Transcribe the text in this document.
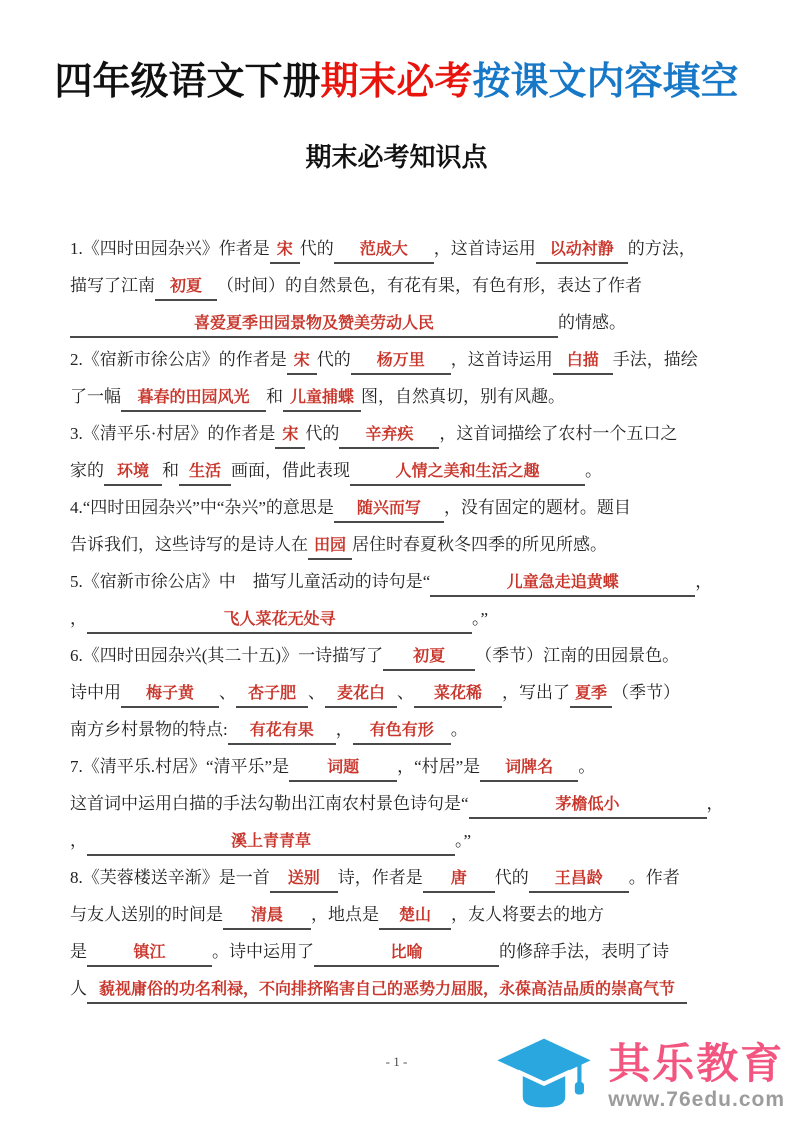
四年级语文下册期末必考按课文内容填空
期末必考知识点

1.《四时田园杂兴》作者是 宋 代的 范成大 ，这首诗运用 以动衬静 的方法，
描写了江南 初夏 （时间）的自然景色，有花有果，有色有形，表达了作者
喜爱夏季田园景物及赞美劳动人民	的情感。

2.《宿新市徐公店》的作者是 宋 代的 杨万里 ，这首诗运用 白描 手法，描绘
了一幅 暮春的田园风光 和 儿童捕蝶 图，自然真切，别有风趣。

3.《清平乐·村居》的作者是 宋 代的 辛弃疾 ，这首词描绘了农村一个五口之
家的 环境 和 生活 画面，借此表现	人情之美和生活之趣	。

4.“四时田园杂兴”中“杂兴”的意思是 随兴而写 ，没有固定的题材。题目
告诉我们，这些诗写的是诗人在 田园 居住时春夏秋冬四季的所见所感。

5.《宿新市徐公店》中　描写儿童活动的诗句是“	儿童急走追黄蝶	，
，	飞人菜花无处寻	。”

6.《四时田园杂兴(其二十五)》一诗描写了 初夏 （季节）江南的田园景色。
诗中用 梅子黄 、 杏子肥 、 麦花白 、 菜花稀 ，写出了 夏季 （季节）
南方乡村景物的特点: 有花有果 ， 有色有形 。

7.《清平乐.村居》“清平乐”是 词题 ，“村居”是 词牌名 。
这首词中运用白描的手法勾勒出江南农村景色诗句是“	茅檐低小	，
，	溪上青青草	。”

8.《芙蓉楼送辛渐》是一首 送别 诗，作者是 唐 代的 王昌龄 。作者
与友人送别的时间是 清晨 ，地点是 楚山 ，友人将要去的地方
是	镇江	。诗中运用了	比喻	的修辞手法，表明了诗
人 藐视庸俗的功名利禄，不向排挤陷害自己的恶势力屈服，永葆高洁品质的崇高气节

- 1 -	其乐教育
www.76edu.com
